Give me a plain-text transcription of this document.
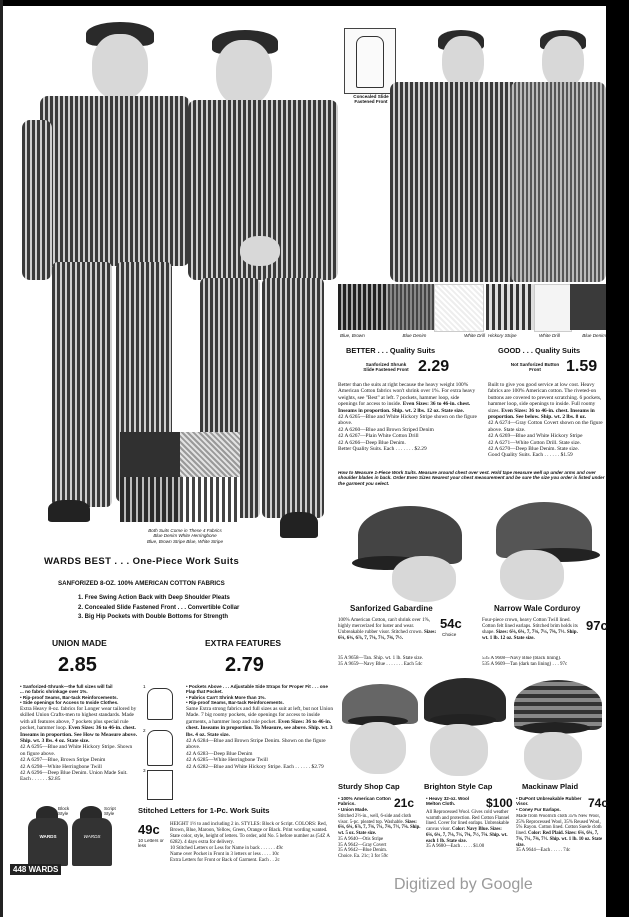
Both Suits Come in These 4 Fabrics
Blue Denim White Herringbone
Blue, Brown Stripe Blue, White Stripe
WARDS BEST . . . One-Piece Work Suits
SANFORIZED 8-OZ. 100% AMERICAN COTTON FABRICS
1. Free Swing Action Back with Deep Shoulder Pleats
2. Concealed Slide Fastened Front . . . Convertible Collar
3. Big Hip Pockets with Double Bottoms for Strength
UNION MADE
2.85
• Sanforized-Shrunk—the full sizes will fail
... no fabric shrinkage over 1%.
• Rip-proof Seams, Bar-tack Reinforcements.
• Side openings for Access to Inside Clothes.
Extra Heavy 8-oz. fabrics for Longer wear tailored by skilled Union Crafts-men to highest standards. Made with all features above, 7 pockets plus special rule pocket, hammer loop. Even Sizes: 36 to 46-in. chest. Inseams in proportion. See How to Measure above. Ship. wt. 3 lbs. 4 oz. State size.
42 A 6295—Blue and White Hickory Stripe. Shown on figure above.
42 A 6297—Blue, Brown Stripe Denim
42 A 6298—White Herringbone Twill
42 A 6296—Deep Blue Denim. Union Made Suit. Each . . . . . . $2.85
1
2
3
EXTRA FEATURES
2.79
• Pockets Above . . . Adjustable Side Straps for Proper Fit . . . one Flap that Pocket.
• Fabrics Can't Shrink More than 1%.
• Rip-proof Seams, Bar-tack Reinforcements.
Same Extra strong fabrics and full sizes as suit at left, but not Union Made. 7 big roomy pockets, side openings for access to inside garments, a hammer loop and rule pocket. Even Sizes: 36 to 46-in. chest. Inseams in proportion. To Measure, see above. Ship. wt. 3 lbs. 4 oz. State size.
42 A 6284—Blue and Brown Stripe Denim. Shown on the figure above.
42 A 6283—Deep Blue Denim
42 A 6285—White Herringbone Twill
42 A 6282—Blue and White Hickory Stripe. Each . . . . . . $2.79
WARDS	WARDS
Block Style
Script Style
448 WARDS
Stitched Letters for 1-Pc. Work Suits
49c
10 Letters or less
HEIGHT 1½ to and including 2 in. STYLES: Block or Script. COLORS: Red, Brown, Blue, Maroon, Yellow, Green, Orange or Black. Print wording wanted. State color, style, height of letters. To order, add No. 5 before number as (54Z A 6282). 4 days extra for delivery.
10 Stitched Letters or Less for Name in back . . . . . . 49c
Name over Pocket in Front in 3 letters or less . . . . 10c
Extra Letters for Front or Back of Garment. Each . . 2c
Concealed Slide Fastened Front
Blue, Brown	Blue Denim	White Drill Hickory Stripe	White Drill	Blue Denim
BETTER . . . Quality Suits
Sanforized Shrunk Slide Fastened Front 2.29
Better than the suits at right because the heavy weight 100% American Cotton fabrics won't shrink over 1%. For extra heavy weights, see "Best" at left. 7 pockets, hammer loop, side openings for access to inside. Even Sizes: 36 to 46-in. chest. Inseams in proportion. Ship. wt. 2 lbs. 12 oz. State size.
42 A 6265—Blue and White Hickory Stripe shown on the figure above.
42 A 6260—Blue and Brown Striped Denim
42 A 6267—Plain White Cotton Drill
42 A 6266—Deep Blue Denim.
Better Quality Suits. Each . . . . . . . $2.29
GOOD . . . Quality Suits
Not Sanforized Button Front	1.59
Built to give you good service at low cost. Heavy fabrics are 100% American cotton. The riveted-on buttons are covered to prevent scratching. 6 pockets, hammer loop, side openings to inside. Full roomy sizes. Even Sizes: 36 to 46-in. chest. Inseams in proportion. See below. Ship. wt. 2 lbs. 8 oz.
42 A 6274—Gray Cotton Covert shown on the figure above. State size.
42 A 6269—Blue and White Hickory Stripe
42 A 6271—White Cotton Drill. State size.
42 A 6270—Deep Blue Denim. State size.
Good Quality Suits. Each . . . . . . $1.59
How to Measure 1-Piece Work Suits. Measure around chest over vest. Hold tape measure well up under arms and over shoulder blades in back. Order Even Sizes Nearest your chest measurement and be sure the size you order is listed under the garment you select.
Sanforized Gabardine
54c
Choice
100% American Cotton, can't shrink over 1%, highly mercerized for luster and wear. Unbreakable rubber visor. Stitched crown. Sizes: 6⅝, 6¾, 6⅞, 7, 7⅛, 7¼, 7⅜, 7½.
35 A 9658—Tan. Ship. wt. 1 lb. State size.
35 A 9659—Navy Blue . . . . . . . Each 54c
Narrow Wale Corduroy
97c
Four-piece crown, heavy Cotton Twill lined. Cotton felt lined earlaps. Stitched brim holds its shape. Sizes: 6⅝, 6¾, 7, 7⅛, 7¼, 7⅜, 7½. Ship. wt. 1 lb. 12 oz. State size.
535 A 9608—Navy Blue (black lining).
535 A 9609—Tan (dark tan lining) . . . 97c
Sturdy Shop Cap
21c
• 100% American Cotton Fabrics.
• Union Made.
Stitched 2½-in., well, 6-side and cloth visor. 5-pc. pleated top. Washable. Sizes: 6⅝, 6¾, 6⅞, 7, 7⅛, 7¼, 7⅜, 7½, 7⅝. Ship. wt. 5 oz. State size.
35 A 9640—Otis Stripe
35 A 9642—Gray Covert
35 A 9642—Blue Denim.
Choice. Ea. 21c; 3 for 59c
Brighton Style Cap
$100
• Heavy 32-oz. Wool Melton Cloth.
All Reprocessed Wool. Gives cold weather warmth and protection. Red Cotton Flannel lined. Cover for lined earlaps. Unbreakable canvas visor. Color: Navy Blue. Sizes: 6⅝, 6¾, 7, 7⅛, 7¼, 7⅜, 7½, 7⅝. Ship. wt. each 1 lb. State size.
35 A 9680—Each . . . . . $1.00
Mackinaw Plaid
74c
• DuPont Unbreakable Rubber Visor.
• Coney Fur Earlaps.
Made from Woolrich cloth 35% New Wool, 25% Reprocessed Wool, 35% Reused Wool, 5% Rayon. Cotton lined. Cotton Suede cloth lined. Color: Red Plaid. Sizes: 6⅝, 6¾, 7, 7⅛, 7¼, 7⅜, 7½. Ship. wt. 1 lb. 10 oz. State size.
35 A 9644—Each . . . . . 74c
Digitized by Google
